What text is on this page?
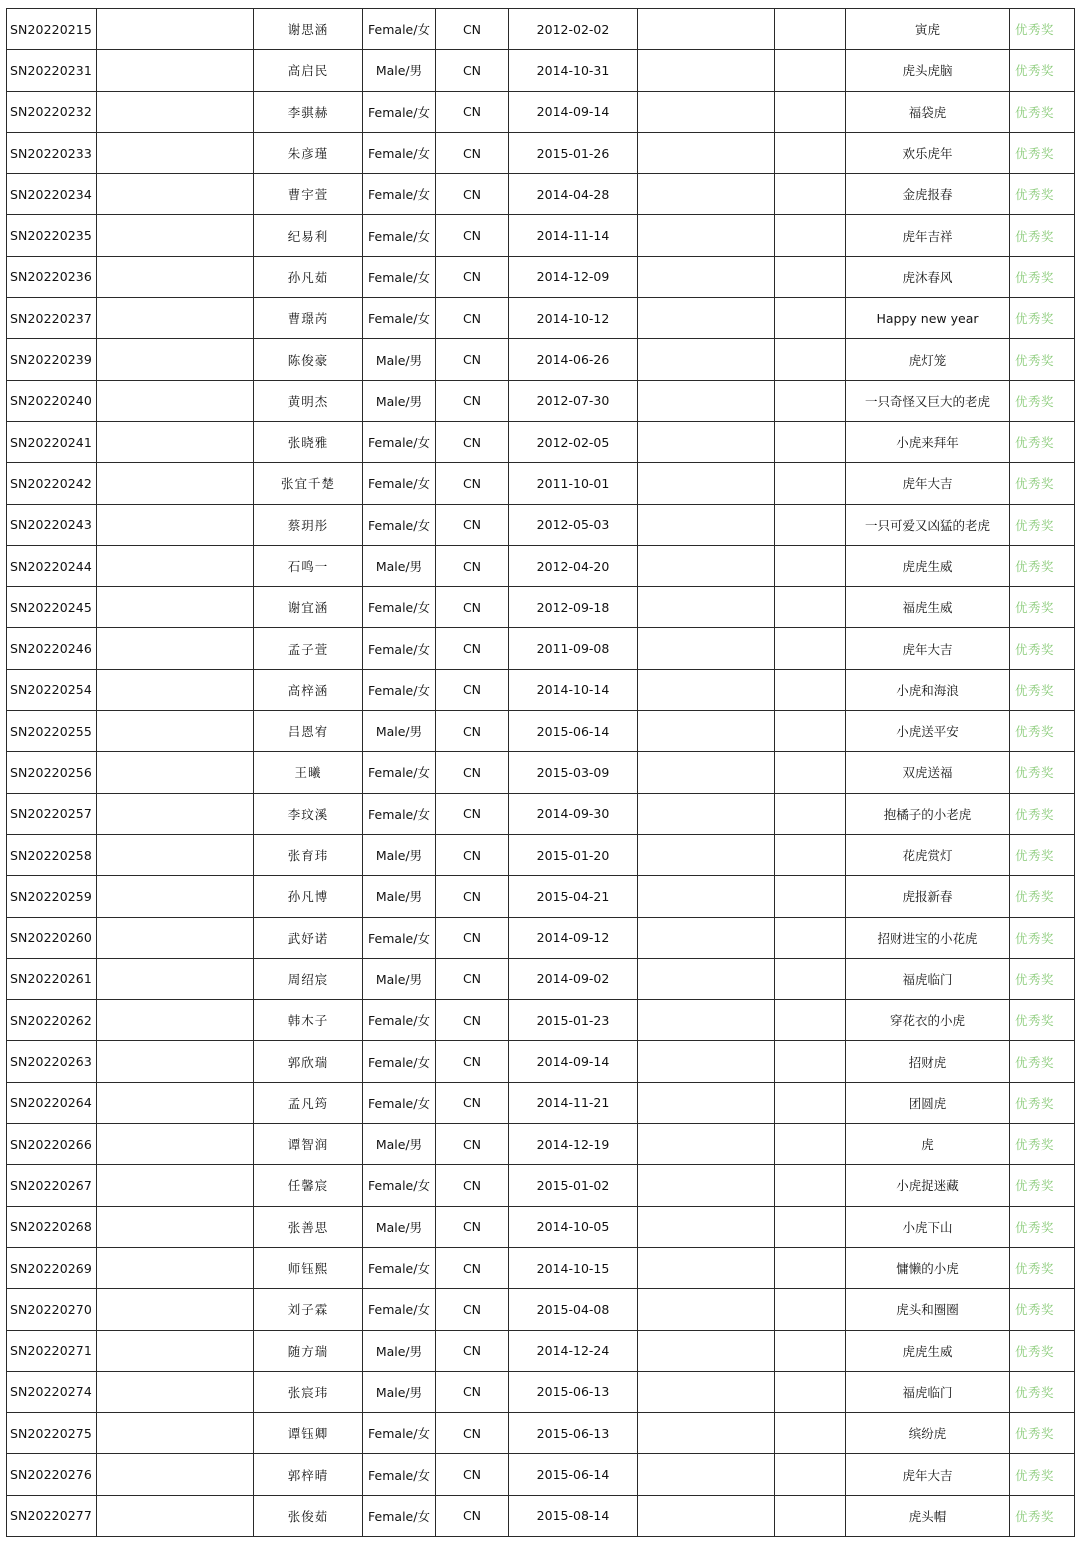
SN20220215		谢思涵	Female/女	CN	2012-02-02			寅虎	优秀奖
SN20220231		高启民	Male/男	CN	2014-10-31			虎头虎脑	优秀奖
SN20220232		李骐赫	Female/女	CN	2014-09-14			福袋虎	优秀奖
SN20220233		朱彦瑾	Female/女	CN	2015-01-26			欢乐虎年	优秀奖
SN20220234		曹宇萱	Female/女	CN	2014-04-28			金虎报春	优秀奖
SN20220235		纪易利	Female/女	CN	2014-11-14			虎年吉祥	优秀奖
SN20220236		孙凡茹	Female/女	CN	2014-12-09			虎沐春风	优秀奖
SN20220237		曹璟芮	Female/女	CN	2014-10-12			Happy new year	优秀奖
SN20220239		陈俊豪	Male/男	CN	2014-06-26			虎灯笼	优秀奖
SN20220240		黄明杰	Male/男	CN	2012-07-30			一只奇怪又巨大的老虎	优秀奖
SN20220241		张晓雅	Female/女	CN	2012-02-05			小虎来拜年	优秀奖
SN20220242		张宜千楚	Female/女	CN	2011-10-01			虎年大吉	优秀奖
SN20220243		蔡玥彤	Female/女	CN	2012-05-03			一只可爱又凶猛的老虎	优秀奖
SN20220244		石鸣一	Male/男	CN	2012-04-20			虎虎生威	优秀奖
SN20220245		谢宜涵	Female/女	CN	2012-09-18			福虎生威	优秀奖
SN20220246		孟子萱	Female/女	CN	2011-09-08			虎年大吉	优秀奖
SN20220254		高梓涵	Female/女	CN	2014-10-14			小虎和海浪	优秀奖
SN20220255		吕恩宥	Male/男	CN	2015-06-14			小虎送平安	优秀奖
SN20220256		王曦	Female/女	CN	2015-03-09			双虎送福	优秀奖
SN20220257		李玟溪	Female/女	CN	2014-09-30			抱橘子的小老虎	优秀奖
SN20220258		张育玮	Male/男	CN	2015-01-20			花虎赏灯	优秀奖
SN20220259		孙凡博	Male/男	CN	2015-04-21			虎报新春	优秀奖
SN20220260		武妤诺	Female/女	CN	2014-09-12			招财进宝的小花虎	优秀奖
SN20220261		周绍宸	Male/男	CN	2014-09-02			福虎临门	优秀奖
SN20220262		韩木子	Female/女	CN	2015-01-23			穿花衣的小虎	优秀奖
SN20220263		郭欣瑞	Female/女	CN	2014-09-14			招财虎	优秀奖
SN20220264		孟凡筠	Female/女	CN	2014-11-21			团圆虎	优秀奖
SN20220266		谭智润	Male/男	CN	2014-12-19			虎	优秀奖
SN20220267		任馨宸	Female/女	CN	2015-01-02			小虎捉迷藏	优秀奖
SN20220268		张善思	Male/男	CN	2014-10-05			小虎下山	优秀奖
SN20220269		师钰熙	Female/女	CN	2014-10-15			慵懒的小虎	优秀奖
SN20220270		刘子霖	Female/女	CN	2015-04-08			虎头和圈圈	优秀奖
SN20220271		随方瑞	Male/男	CN	2014-12-24			虎虎生威	优秀奖
SN20220274		张宸玮	Male/男	CN	2015-06-13			福虎临门	优秀奖
SN20220275		谭钰卿	Female/女	CN	2015-06-13			缤纷虎	优秀奖
SN20220276		郭梓晴	Female/女	CN	2015-06-14			虎年大吉	优秀奖
SN20220277		张俊茹	Female/女	CN	2015-08-14			虎头帽	优秀奖
